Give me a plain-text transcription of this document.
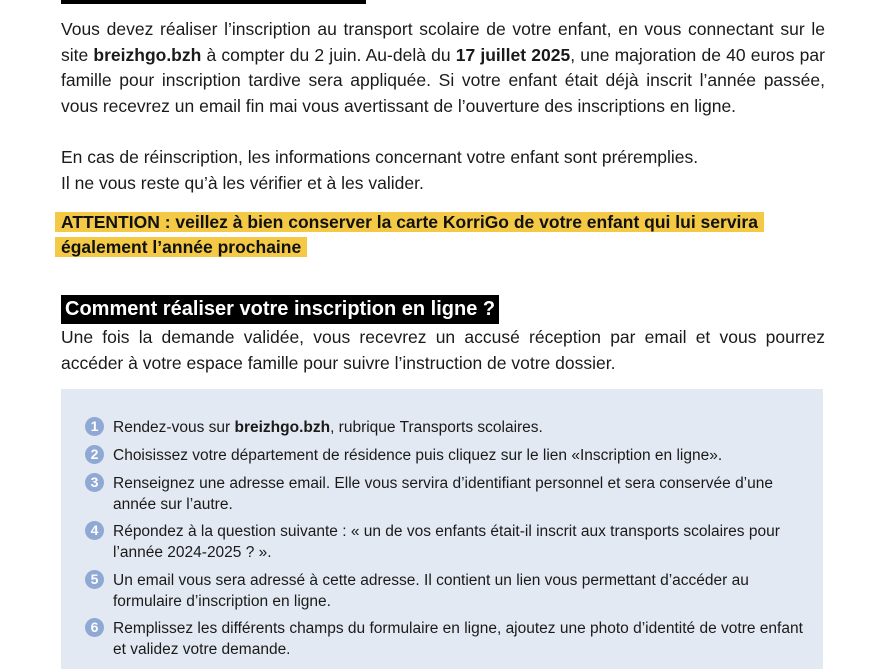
Vous devez réaliser l’inscription au transport scolaire de votre enfant, en vous connectant sur le site breizhgo.bzh à compter du 2 juin. Au-delà du 17 juillet 2025, une majoration de 40 euros par famille pour inscription tardive sera appliquée. Si votre enfant était déjà inscrit l’année passée, vous recevrez un email fin mai vous avertissant de l’ouverture des inscriptions en ligne.
En cas de réinscription, les informations concernant votre enfant sont préremplies.
Il ne vous reste qu’à les vérifier et à les valider.
ATTENTION : veillez à bien conserver la carte KorriGo de votre enfant qui lui servira également l’année prochaine
Comment réaliser votre inscription en ligne ?
Une fois la demande validée, vous recevrez un accusé réception par email et vous pourrez accéder à votre espace famille pour suivre l’instruction de votre dossier.
1 Rendez-vous sur breizhgo.bzh, rubrique Transports scolaires.
2 Choisissez votre département de résidence puis cliquez sur le lien «Inscription en ligne».
3 Renseignez une adresse email. Elle vous servira d’identifiant personnel et sera conservée d’une année sur l’autre.
4 Répondez à la question suivante : « un de vos enfants était-il inscrit aux transports scolaires pour l’année 2024-2025 ? ».
5 Un email vous sera adressé à cette adresse. Il contient un lien vous permettant d’accéder au formulaire d’inscription en ligne.
6 Remplissez les différents champs du formulaire en ligne, ajoutez une photo d’identité de votre enfant et validez votre demande.
